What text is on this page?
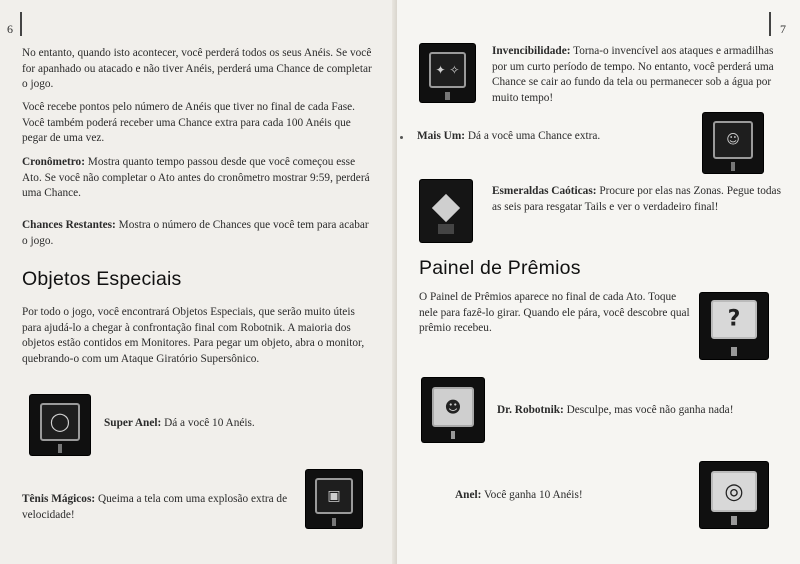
6

No entanto, quando isto acontecer, você perderá todos os seus Anéis. Se você for apanhado ou atacado e não tiver Anéis, perderá uma Chance de completar o jogo.

Você recebe pontos pelo número de Anéis que tiver no final de cada Fase. Você também poderá receber uma Chance extra para cada 100 Anéis que pegar de uma vez.

Cronômetro: Mostra quanto tempo passou desde que você começou esse Ato. Se você não completar o Ato antes do cronômetro mostrar 9:59, perderá uma Chance.

Chances Restantes: Mostra o número de Chances que você tem para acabar o jogo.

Objetos Especiais

Por todo o jogo, você encontrará Objetos Especiais, que serão muito úteis para ajudá-lo a chegar à confrontação final com Robotnik. A maioria dos objetos estão contidos em Monitores. Para pegar um objeto, abra o monitor, quebrando-o com um Ataque Giratório Supersônico.

◯	Super Anel: Dá a você 10 Anéis.

Tênis Mágicos: Queima a tela com uma explosão extra de velocidade!

▣
7
✦ ✧

Invencibilidade: Torna-o invencível aos ataques e armadilhas por um curto período de tempo. No entanto, você perderá uma Chance se cair ao fundo da tela ou permanecer sob a água por muito tempo!

Mais Um: Dá a você uma Chance extra.	☺

Esmeraldas Caóticas: Procure por elas nas Zonas. Pegue todas as seis para resgatar Tails e ver o verdadeiro final!

Painel de Prêmios

O Painel de Prêmios aparece no final de cada Ato. Toque nele para fazê-lo girar. Quando ele pára, você descobre qual prêmio recebeu.	?
☻	Dr. Robotnik: Desculpe, mas você não ganha nada!

◎

Anel: Você ganha 10 Anéis!
